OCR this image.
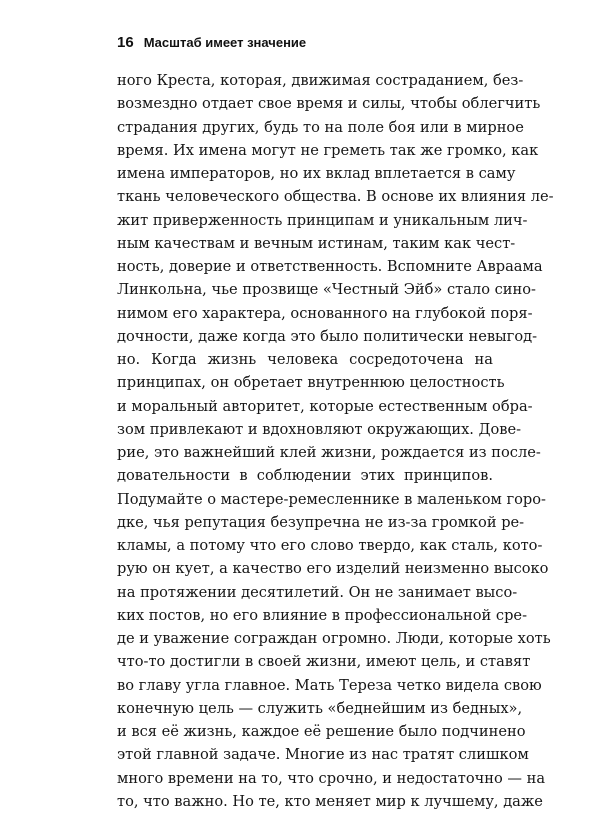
16 Масштаб имеет значение
ного Креста, которая, движимая состраданием, без-
возмездно отдает свое время и силы, чтобы облегчить
страдания других, будь то на поле боя или в мирное
время. Их имена могут не греметь так же громко, как
имена императоров, но их вклад вплетается в саму
ткань человеческого общества. В основе их влияния ле-
жит приверженность принципам и уникальным лич-
ным качествам и вечным истинам, таким как чест-
ность, доверие и ответственность. Вспомните Авраама
Линкольна, чье прозвище «Честный Эйб» стало сино-
нимом его характера, основанного на глубокой поря-
дочности, даже когда это было политически невыгод-
но. Когда жизнь человека сосредоточена на
принципах, он обретает внутреннюю целостность
и моральный авторитет, которые естественным обра-
зом привлекают и вдохновляют окружающих. Дове-
рие, это важнейший клей жизни, рождается из после-
довательности в соблюдении этих принципов.
Подумайте о мастере-ремесленнике в маленьком горо-
дке, чья репутация безупречна не из-за громкой ре-
кламы, а потому что его слово твердо, как сталь, кото-
рую он кует, а качество его изделий неизменно высоко
на протяжении десятилетий. Он не занимает высо-
ких постов, но его влияние в профессиональной сре-
де и уважение сограждан огромно. Люди, которые хоть
что-то достигли в своей жизни, имеют цель, и ставят
во главу угла главное. Мать Тереза четко видела свою
конечную цель — служить «беднейшим из бедных»,
и вся её жизнь, каждое её решение было подчинено
этой главной задаче. Многие из нас тратят слишком
много времени на то, что срочно, и недостаточно — на
то, что важно. Но те, кто меняет мир к лучшему, даже
